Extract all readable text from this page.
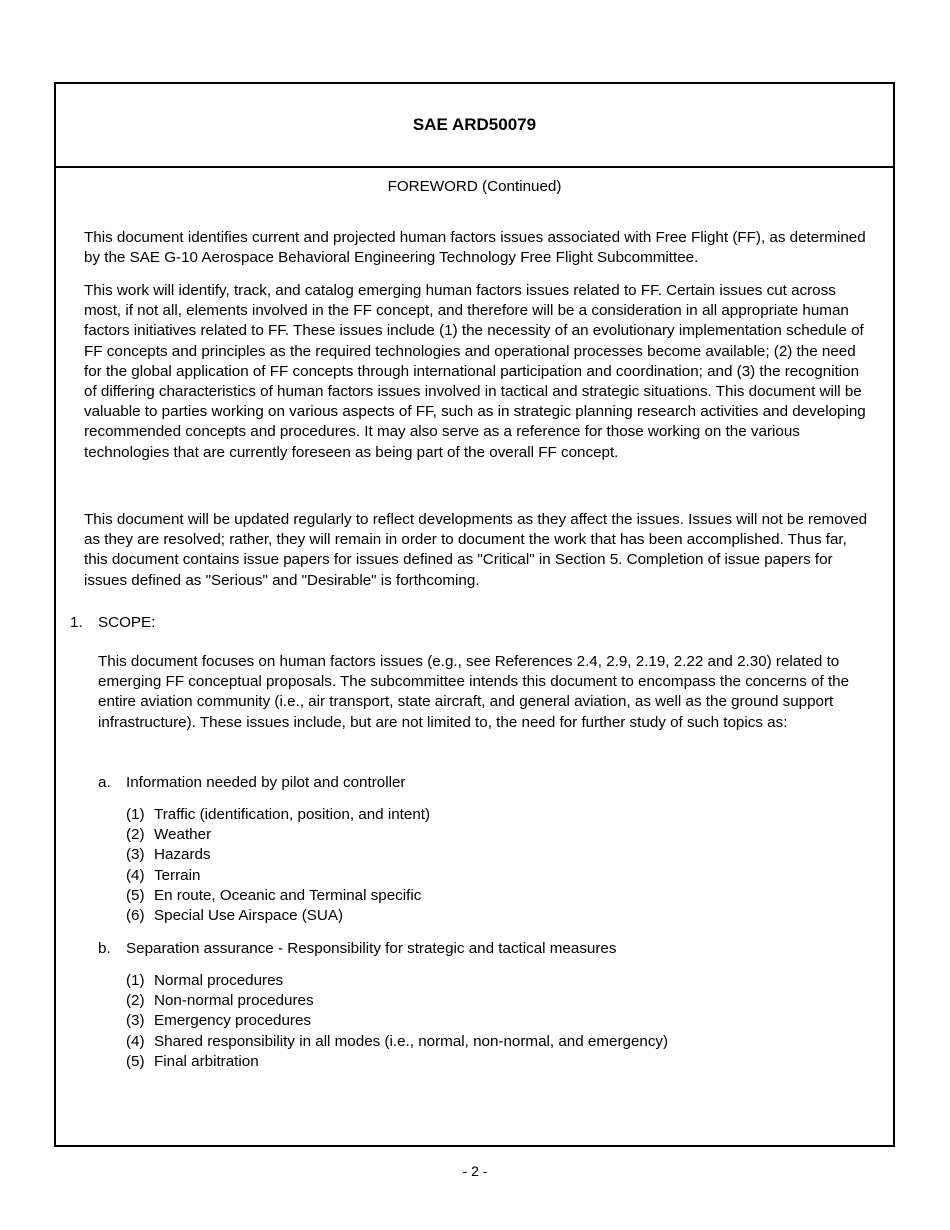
SAE ARD50079
FOREWORD (Continued)

This document identifies current and projected human factors issues associated with Free Flight (FF), as determined by the SAE G-10 Aerospace Behavioral Engineering Technology Free Flight Subcommittee.

This work will identify, track, and catalog emerging human factors issues related to FF. Certain issues cut across most, if not all, elements involved in the FF concept, and therefore will be a consideration in all appropriate human factors initiatives related to FF. These issues include (1) the necessity of an evolutionary implementation schedule of FF concepts and principles as the required technologies and operational processes become available; (2) the need for the global application of FF concepts through international participation and coordination; and (3) the recognition of differing characteristics of human factors issues involved in tactical and strategic situations. This document will be valuable to parties working on various aspects of FF, such as in strategic planning research activities and developing recommended concepts and procedures. It may also serve as a reference for those working on the various technologies that are currently foreseen as being part of the overall FF concept.

This document will be updated regularly to reflect developments as they affect the issues. Issues will not be removed as they are resolved; rather, they will remain in order to document the work that has been accomplished. Thus far, this document contains issue papers for issues defined as "Critical" in Section 5. Completion of issue papers for issues defined as "Serious" and "Desirable" is forthcoming.

1. SCOPE:

This document focuses on human factors issues (e.g., see References 2.4, 2.9, 2.19, 2.22 and 2.30) related to emerging FF conceptual proposals. The subcommittee intends this document to encompass the concerns of the entire aviation community (i.e., air transport, state aircraft, and general aviation, as well as the ground support infrastructure). These issues include, but are not limited to, the need for further study of such topics as:

a. Information needed by pilot and controller
(1) Traffic (identification, position, and intent)
(2) Weather
(3) Hazards
(4) Terrain
(5) En route, Oceanic and Terminal specific
(6) Special Use Airspace (SUA)
b. Separation assurance - Responsibility for strategic and tactical measures
(1) Normal procedures
(2) Non-normal procedures
(3) Emergency procedures
(4) Shared responsibility in all modes (i.e., normal, non-normal, and emergency)
(5) Final arbitration
- 2 -
